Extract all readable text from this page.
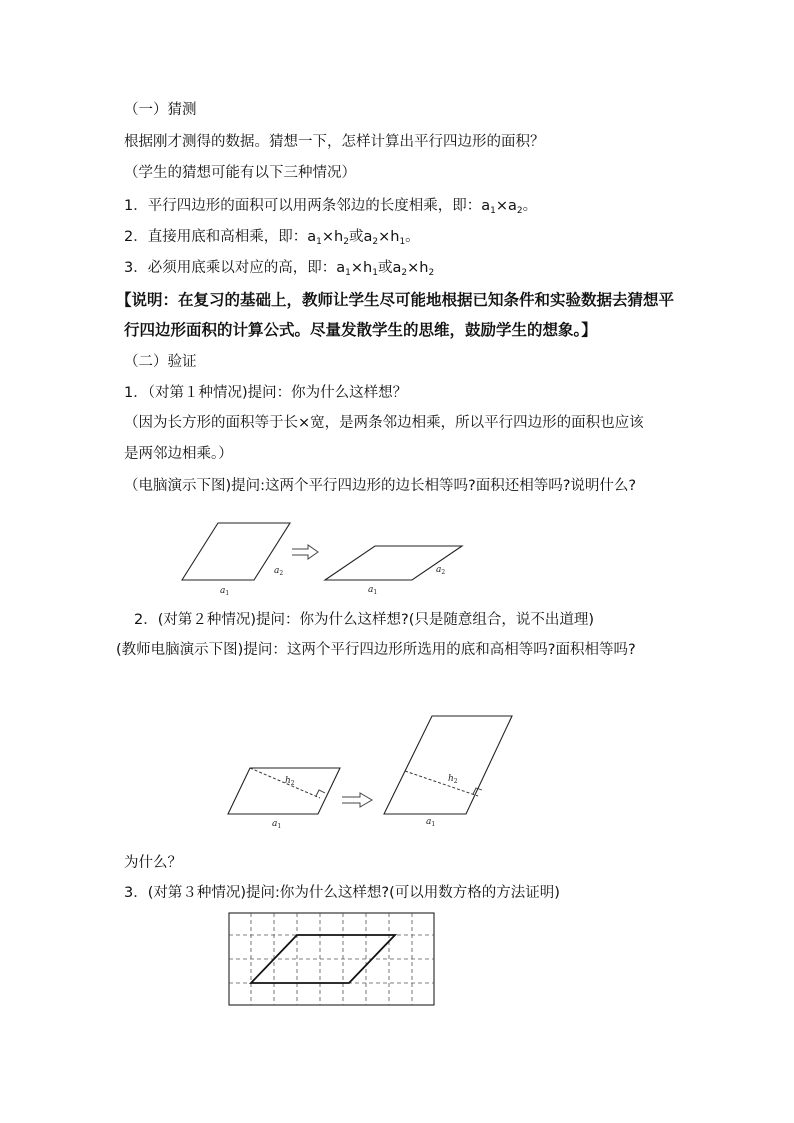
（一）猜测
根据刚才测得的数据。猜想一下，怎样计算出平行四边形的面积？
（学生的猜想可能有以下三种情况）
1．平行四边形的面积可以用两条邻边的长度相乘，即：$a_1\times a_2$。
2．直接用底和高相乘，即：$a_1\times h_2$或$a_2\times h_1$。
3．必须用底乘以对应的高，即：$a_1\times h_1$或$a_2\times h_2$
【说明：在复习的基础上，教师让学生尽可能地根据已知条件和实验数据去猜想平
行四边形面积的计算公式。尽量发散学生的思维，鼓励学生的想象。】
（二）验证
1．（对第１种情况)提问：你为什么这样想？
（因为长方形的面积等于长×宽，是两条邻边相乘，所以平行四边形的面积也应该
是两邻边相乘。）
（电脑演示下图)提问:这两个平行四边形的边长相等吗?面积还相等吗?说明什么?
$a_1$
$a_2$
$a_1$
$a_2$
2．(对第２种情况)提问：你为什么这样想?(只是随意组合，说不出道理)
(教师电脑演示下图)提问：这两个平行四边形所选用的底和高相等吗?面积相等吗?
$h_2$
$a_1$
$h_2$
$a_1$
为什么？
3．(对第３种情况)提问:你为什么这样想?(可以用数方格的方法证明)
